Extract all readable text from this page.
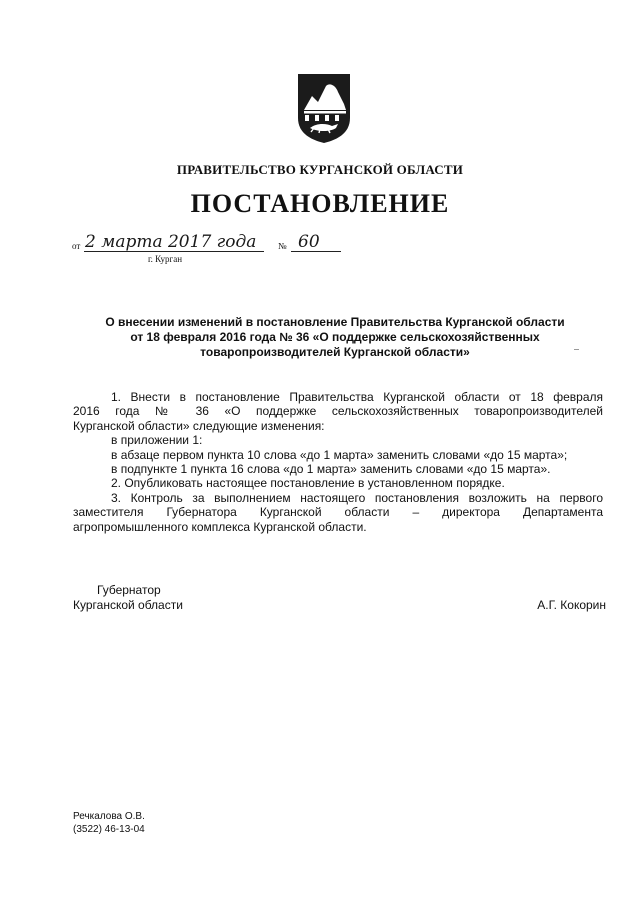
ПРАВИТЕЛЬСТВО КУРГАНСКОЙ ОБЛАСТИ
ПОСТАНОВЛЕНИЕ
от 2 марта 2017 года № 60
г. Курган
О внесении изменений в постановление Правительства Курганской области
от 18 февраля 2016 года № 36 «О поддержке сельскохозяйственных
товаропроизводителей Курганской области»

1. Внести в постановление Правительства Курганской области от 18 февраля

2016 года № 36 «О поддержке сельскохозяйственных товаропроизводителей

Курганской области» следующие изменения:

в приложении 1:

в абзаце первом пункта 10 слова «до 1 марта» заменить словами «до 15 марта»;

в подпункте 1 пункта 16 слова «до 1 марта» заменить словами «до 15 марта».

2. Опубликовать настоящее постановление в установленном порядке.

3. Контроль за выполнением настоящего постановления возложить на первого

заместителя Губернатора Курганской области – директора Департамента

агропромышленного комплекса Курганской области.

Губернатор
Курганской области	А.Г. Кокорин
Речкалова О.В.
(3522) 46-13-04
